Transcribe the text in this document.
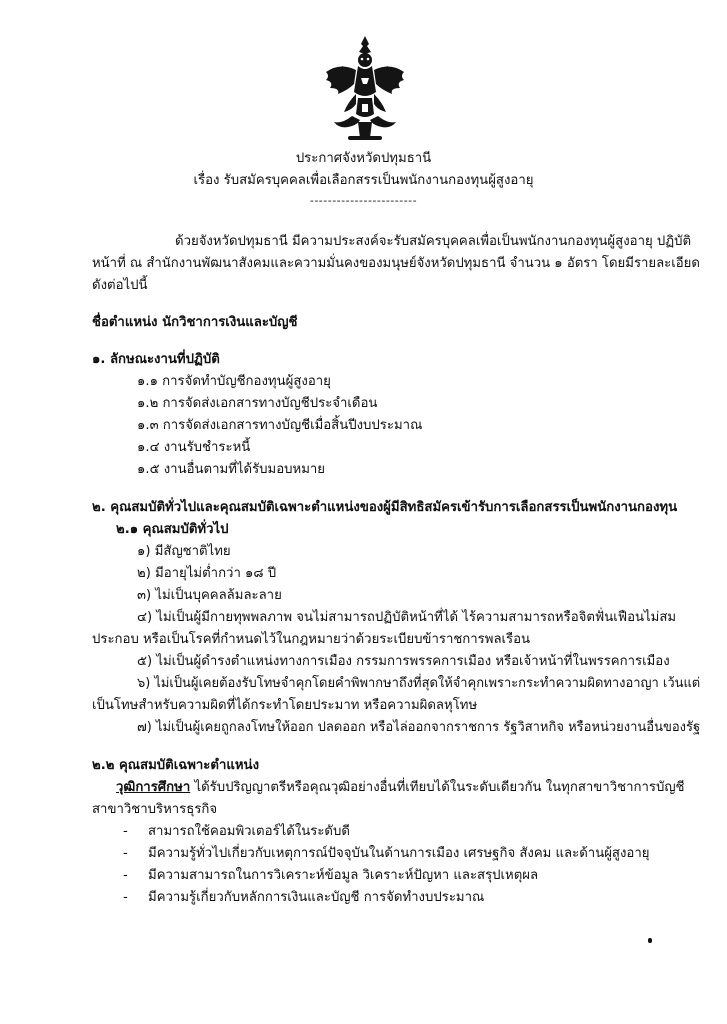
ประกาศจังหวัดปทุมธานี
เรื่อง รับสมัครบุคคลเพื่อเลือกสรรเป็นพนักงานกองทุนผู้สูงอายุ
------------------------
ด้วยจังหวัดปทุมธานี มีความประสงค์จะรับสมัครบุคคลเพื่อเป็นพนักงานกองทุนผู้สูงอายุ ปฏิบัติ
หน้าที่ ณ สำนักงานพัฒนาสังคมและความมั่นคงของมนุษย์จังหวัดปทุมธานี จำนวน ๑ อัตรา โดยมีรายละเอียด
ดังต่อไปนี้
ชื่อตำแหน่ง นักวิชาการเงินและบัญชี
๑. ลักษณะงานที่ปฏิบัติ
๑.๑ การจัดทำบัญชีกองทุนผู้สูงอายุ
๑.๒ การจัดส่งเอกสารทางบัญชีประจำเดือน
๑.๓ การจัดส่งเอกสารทางบัญชีเมื่อสิ้นปีงบประมาณ
๑.๔ งานรับชำระหนี้
๑.๕ งานอื่นตามที่ได้รับมอบหมาย
๒. คุณสมบัติทั่วไปและคุณสมบัติเฉพาะตำแหน่งของผู้มีสิทธิสมัครเข้ารับการเลือกสรรเป็นพนักงานกองทุน
๒.๑ คุณสมบัติทั่วไป
๑) มีสัญชาติไทย
๒) มีอายุไม่ต่ำกว่า ๑๘ ปี
๓) ไม่เป็นบุคคลล้มละลาย
๔) ไม่เป็นผู้มีกายทุพพลภาพ จนไม่สามารถปฏิบัติหน้าที่ได้ ไร้ความสามารถหรือจิตฟั่นเฟือนไม่สม
ประกอบ หรือเป็นโรคที่กำหนดไว้ในกฎหมายว่าด้วยระเบียบข้าราชการพลเรือน
๕) ไม่เป็นผู้ดำรงตำแหน่งทางการเมือง กรรมการพรรคการเมือง หรือเจ้าหน้าที่ในพรรคการเมือง
๖) ไม่เป็นผู้เคยต้องรับโทษจำคุกโดยคำพิพากษาถึงที่สุดให้จำคุกเพราะกระทำความผิดทางอาญา เว้นแต่
เป็นโทษสำหรับความผิดที่ได้กระทำโดยประมาท หรือความผิดลหุโทษ
๗) ไม่เป็นผู้เคยถูกลงโทษให้ออก ปลดออก หรือไล่ออกจากราชการ รัฐวิสาหกิจ หรือหน่วยงานอื่นของรัฐ
๒.๒ คุณสมบัติเฉพาะตำแหน่ง
วุฒิการศึกษา ได้รับปริญญาตรีหรือคุณวุฒิอย่างอื่นที่เทียบได้ในระดับเดียวกัน ในทุกสาขาวิชาการบัญชี
สาขาวิชาบริหารธุรกิจ
- สามารถใช้คอมพิวเตอร์ได้ในระดับดี
- มีความรู้ทั่วไปเกี่ยวกับเหตุการณ์ปัจจุบันในด้านการเมือง เศรษฐกิจ สังคม และด้านผู้สูงอายุ
- มีความสามารถในการวิเคราะห์ข้อมูล วิเคราะห์ปัญหา และสรุปเหตุผล
- มีความรู้เกี่ยวกับหลักการเงินและบัญชี การจัดทำงบประมาณ
